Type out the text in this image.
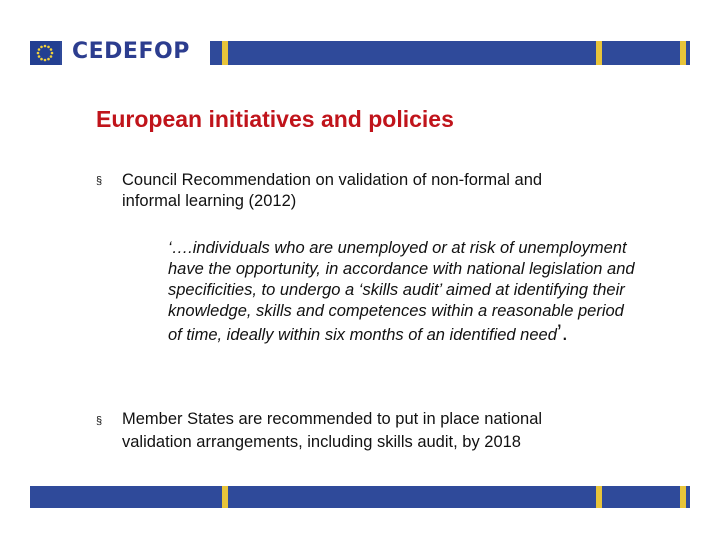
CEDEFOP
European initiatives and policies
§ Council Recommendation on validation of non-formal and informal learning (2012)

‘….individuals who are unemployed or at risk of unemployment have the opportunity, in accordance with national legislation and specificities, to undergo a ‘skills audit’ aimed at identifying their knowledge, skills and competences within a reasonable period of time, ideally within six months of an identified need’.

§ Member States are recommended to put in place national validation arrangements, including skills audit, by 2018
